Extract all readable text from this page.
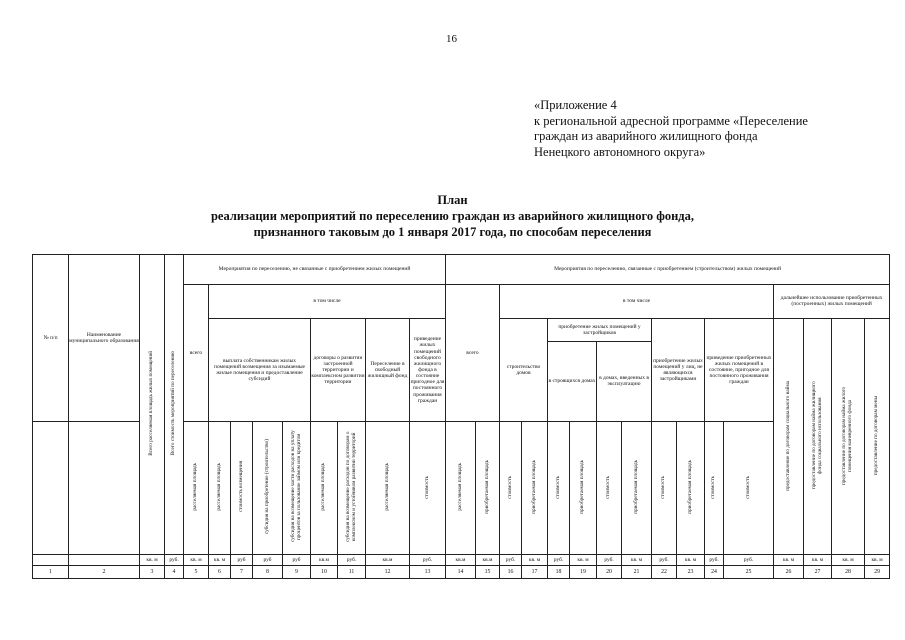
16
«Приложение 4
к региональной адресной программе «Переселение
граждан из аварийного жилищного фонда
Ненецкого автономного округа»
План
реализации мероприятий по переселению граждан из аварийного жилищного фонда,
признанного таковым до 1 января 2017 года, по способам переселения
№ п/п	Наименование муниципального образования	Всего расселяемая площадь жилых помещений	Всего стоимость мероприятий по переселению	Мероприятия по переселению, не связанные с приобретением жилых помещений									Мероприятия по переселению, связанные с приобретением (строительством) жилых помещений																
				всего	в том числе								всего		в том числе										дальнейшее использование приобретенных (построенных) жилых помещений				
					выплата собственникам жилых помещений возмещения за изымаемые жилые помещения и предоставление субсидий				договоры о развитии застроенной территории и комплексном развитии территории		Переселение в свободный жилищный фонд	приведение жилых помещений свободного жилищного фонда в состояние пригодное для постоянного проживания граждан			строительство домов		приобретение жилых помещений у застройщиков				приобретение жилых помещений у лиц, не являющихся застройщиками		приведение приобретенных жилых помещений в состояние, пригодное для постоянного проживания граждан		предоставление по договорам социального найма	предоставление по договорам найма жилищного фонда социального использования	предоставление по договорам найма жилого помещения маневренного фонда	предоставление по договорам мены	
																	в строящихся домах		в домах, введенных в эксплуатацию										
				расселяемая площадь	расселяемая площадь	стоимость возмещения	субсидия на приобретение (строительство)	субсидия на возмещение части расходов на уплату процентов за пользование займом или кредитом	расселяемая площадь	субсидия на возмещение расходов по договорам о комплексном и устойчивом развитии территорий	расселяемая площадь	стоимость	расселяемая площадь	приобретаемая площадь	стоимость	приобретаемая площадь	стоимость	приобретаемая площадь	стоимость	приобретаемая площадь	стоимость	приобретаемая площадь	стоимость	стоимость				
		кв. м	руб.	кв. м	кв. м	руб	руб	руб	кв.м	руб.	кв.м	руб.	кв.м	кв.м	руб.	кв. м	руб.	кв. м	руб.	кв. м	руб.	кв. м	руб.	руб.	кв. м	кв. м	кв. м	кв. м	
1	2	3	4	5	6	7	8	9	10	11	12	13	14	15	16	17	18	19	20	21	22	23	24	25	26	27	28	29	
